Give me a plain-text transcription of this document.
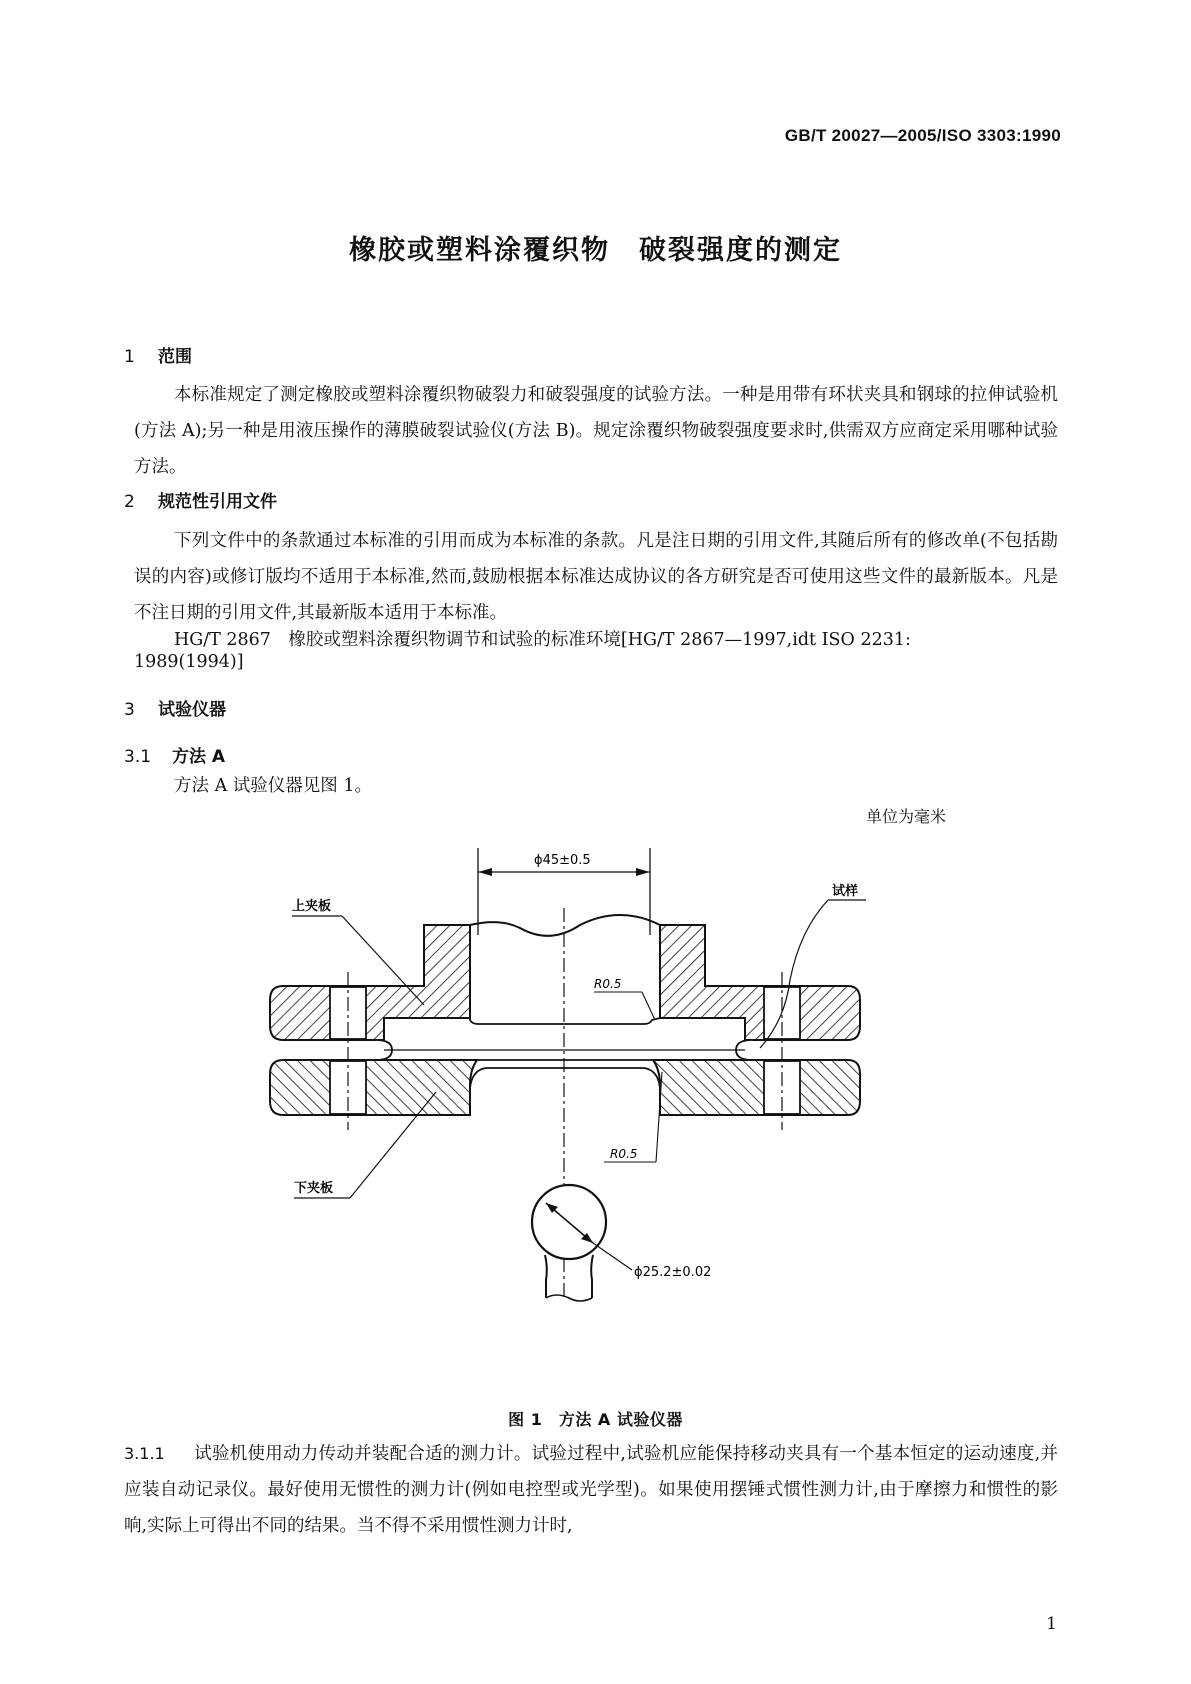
GB/T 20027—2005/ISO 3303:1990
橡胶或塑料涂覆织物　破裂强度的测定
1 范围

本标准规定了测定橡胶或塑料涂覆织物破裂力和破裂强度的试验方法。一种是用带有环状夹具和钢球的拉伸试验机(方法 A);另一种是用液压操作的薄膜破裂试验仪(方法 B)。规定涂覆织物破裂强度要求时,供需双方应商定采用哪种试验方法。

2 规范性引用文件

下列文件中的条款通过本标准的引用而成为本标准的条款。凡是注日期的引用文件,其随后所有的修改单(不包括勘误的内容)或修订版均不适用于本标准,然而,鼓励根据本标准达成协议的各方研究是否可使用这些文件的最新版本。凡是不注日期的引用文件,其最新版本适用于本标准。

HG/T 2867　橡胶或塑料涂覆织物调节和试验的标准环境[HG/T 2867—1997,idt ISO 2231:
1989(1994)]
3 试验仪器
3.1 方法 A
方法 A 试验仪器见图 1。
单位为毫米
ϕ45±0.5
ϕ25.2±0.02
上夹板
试样
下夹板
R0.5
R0.5
图 1　方法 A 试验仪器

3.1.1 试验机使用动力传动并装配合适的测力计。试验过程中,试验机应能保持移动夹具有一个基本恒定的运动速度,并应装自动记录仪。最好使用无惯性的测力计(例如电控型或光学型)。如果使用摆锤式惯性测力计,由于摩擦力和惯性的影响,实际上可得出不同的结果。当不得不采用惯性测力计时,

1
